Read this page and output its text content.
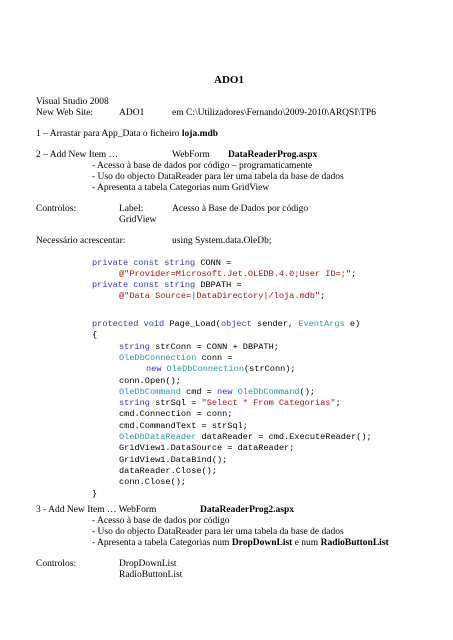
ADO1
Visual Studio 2008
New Web Site:	ADO1	em C:\Utilizadores\Fernando\2009-2010\ARQSI\TP6
1 – Arrastar para App_Data o ficheiro loja.mdb
2 – Add New Item …	WebForm DataReaderProg.aspx
- Acesso à base de dados por código – programaticamente
- Uso do objecto DataReader para ler uma tabela da base de dados
- Apresenta a tabela Categorias num GridView
Controlos:	Label:	Acesso à Base de Dados por código
GridView
Necessário acrescentar:	using System.data.OleDb;
private const string CONN =
@"Provider=Microsoft.Jet.OLEDB.4.0;User ID=;";
private const string DBPATH =
@"Data Source=|DataDirectory|/loja.mdb";
protected void Page_Load(object sender, EventArgs e)
{
string strConn = CONN + DBPATH;
OleDbConnection conn =
new OleDbConnection(strConn);
conn.Open();
OleDbCommand cmd = new OleDbCommand();
string strSql = "Select * From Categorias";
cmd.Connection = conn;
cmd.CommandText = strSql;
OleDbDataReader dataReader = cmd.ExecuteReader();
GridView1.DataSource = dataReader;
GridView1.DataBind();
dataReader.Close();
conn.Close();
}
3 - Add New Item … WebForm	DataReaderProg2.aspx
- Acesso à base de dados por código
- Uso do objecto DataReader para ler uma tabela da base de dados
- Apresenta a tabela Categorias num DropDownList e num RadioButtonList
Controlos:	DropDownList
RadioButtonList
